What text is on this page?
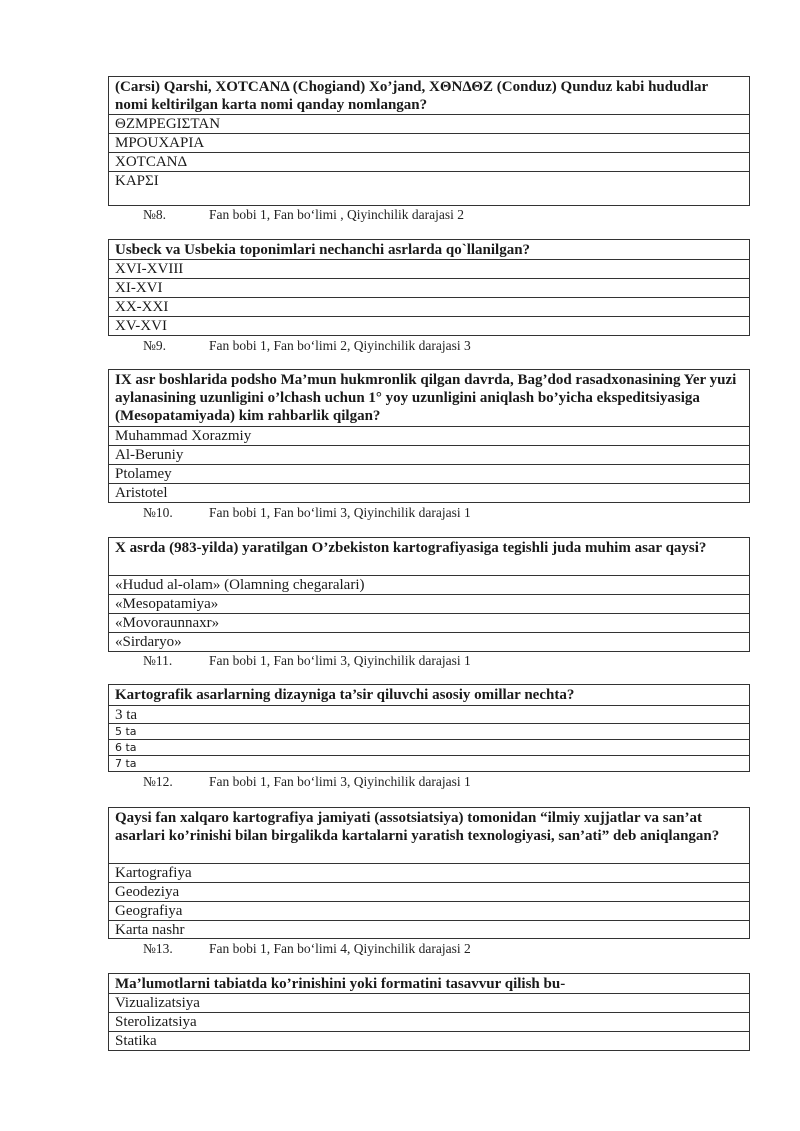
(Carsi) Qarshi, XOTCANΔ (Chogiand) Xo’jand, XΘNΔΘZ (Conduz) Qunduz kabi hududlar nomi keltirilgan karta nomi qanday nomlangan?
ΘZMPEGIΣTAN
MPOUXAPIA
XOTCANΔ
KAPΣI
№8.	Fan bobi 1, Fan bo‘limi , Qiyinchilik darajasi 2
Usbeck va Usbekia toponimlari nechanchi asrlarda qo`llanilgan?
XVI-XVIII
XI-XVI
XX-XXI
XV-XVI
№9.	Fan bobi 1, Fan bo‘limi 2, Qiyinchilik darajasi 3
IX asr boshlarida podsho Ma’mun hukmronlik qilgan davrda, Bag’dod rasadxonasining Yer yuzi aylanasining uzunligini o’lchash uchun 1° yoy uzunligini aniqlash bo’yicha ekspeditsiyasiga (Mesopatamiyada) kim rahbarlik qilgan?
Muhammad Xorazmiy
Al-Beruniy
Ptolamey
Aristotel
№10.	Fan bobi 1, Fan bo‘limi 3, Qiyinchilik darajasi 1
X asrda (983-yilda) yaratilgan O’zbekiston kartografiyasiga tegishli juda muhim asar qaysi?
«Hudud al-olam» (Olamning chegaralari)
«Mesopatamiya»
«Movoraunnaxr»
«Sirdaryo»
№11.	Fan bobi 1, Fan bo‘limi 3, Qiyinchilik darajasi 1
Kartografik asarlarning dizayniga ta’sir qiluvchi asosiy omillar nechta?
3 ta
5 ta
6 ta
7 ta
№12.	Fan bobi 1, Fan bo‘limi 3, Qiyinchilik darajasi 1
Qaysi fan xalqaro kartografiya jamiyati (assotsiatsiya) tomonidan “ilmiy xujjatlar va san’at asarlari ko’rinishi bilan birgalikda kartalarni yaratish texnologiyasi, san’ati” deb aniqlangan?
Kartografiya
Geodeziya
Geografiya
Karta nashr
№13.	Fan bobi 1, Fan bo‘limi 4, Qiyinchilik darajasi 2
Ma’lumotlarni tabiatda ko’rinishini yoki formatini tasavvur qilish bu-
Vizualizatsiya
Sterolizatsiya
Statika
